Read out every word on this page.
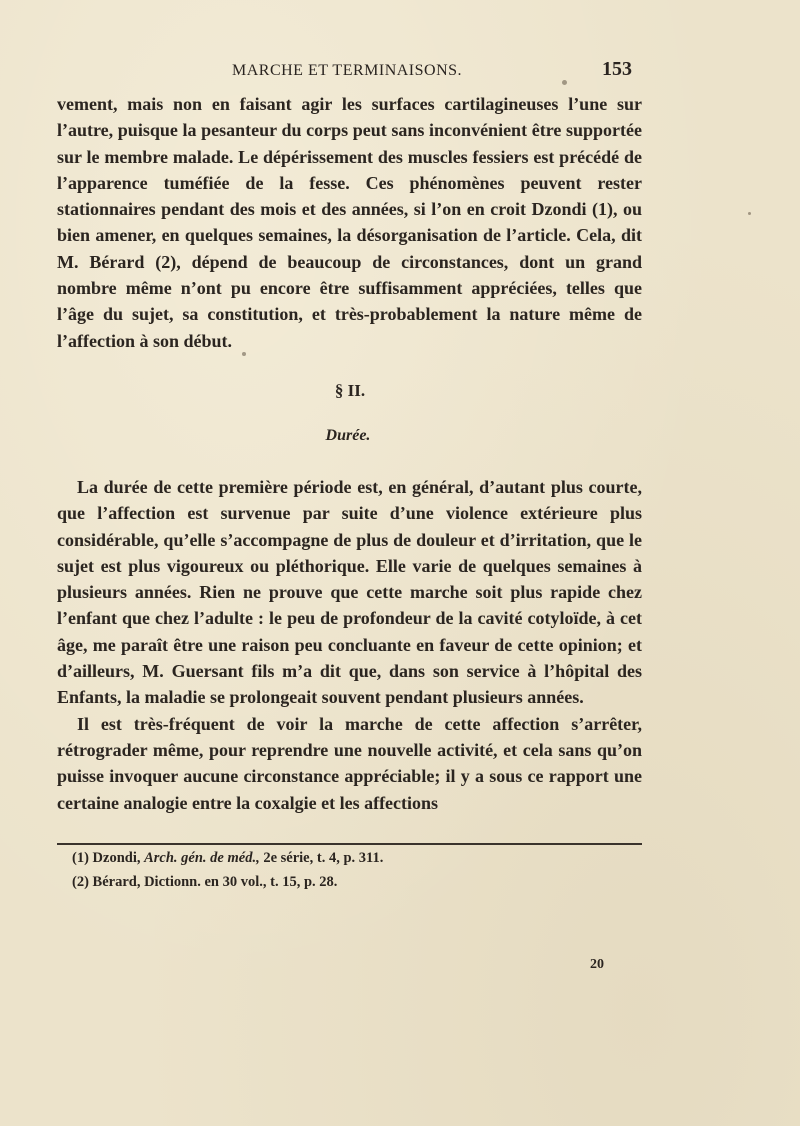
MARCHE ET TERMINAISONS.	153

vement, mais non en faisant agir les surfaces cartilagineuses l’une sur l’autre, puisque la pesanteur du corps peut sans inconvénient être supportée sur le membre malade. Le dépérissement des muscles fessiers est précédé de l’apparence tuméfiée de la fesse. Ces phénomènes peuvent rester stationnaires pendant des mois et des années, si l’on en croit Dzondi (1), ou bien amener, en quelques semaines, la désorganisation de l’article. Cela, dit M. Bérard (2), dépend de beaucoup de circonstances, dont un grand nombre même n’ont pu encore être suffisamment appréciées, telles que l’âge du sujet, sa constitution, et très-probablement la nature même de l’affection à son début.

§ II.
Durée.

La durée de cette première période est, en général, d’autant plus courte, que l’affection est survenue par suite d’une violence extérieure plus considérable, qu’elle s’accompagne de plus de douleur et d’irritation, que le sujet est plus vigoureux ou pléthorique. Elle varie de quelques semaines à plusieurs années. Rien ne prouve que cette marche soit plus rapide chez l’enfant que chez l’adulte : le peu de profondeur de la cavité cotyloïde, à cet âge, me paraît être une raison peu concluante en faveur de cette opinion; et d’ailleurs, M. Guersant fils m’a dit que, dans son service à l’hôpital des Enfants, la maladie se prolongeait souvent pendant plusieurs années.

Il est très-fréquent de voir la marche de cette affection s’arrêter, rétrograder même, pour reprendre une nouvelle activité, et cela sans qu’on puisse invoquer aucune circonstance appréciable; il y a sous ce rapport une certaine analogie entre la coxalgie et les affections

(1) Dzondi, Arch. gén. de méd., 2e série, t. 4, p. 311.
(2) Bérard, Dictionn. en 30 vol., t. 15, p. 28.
20
